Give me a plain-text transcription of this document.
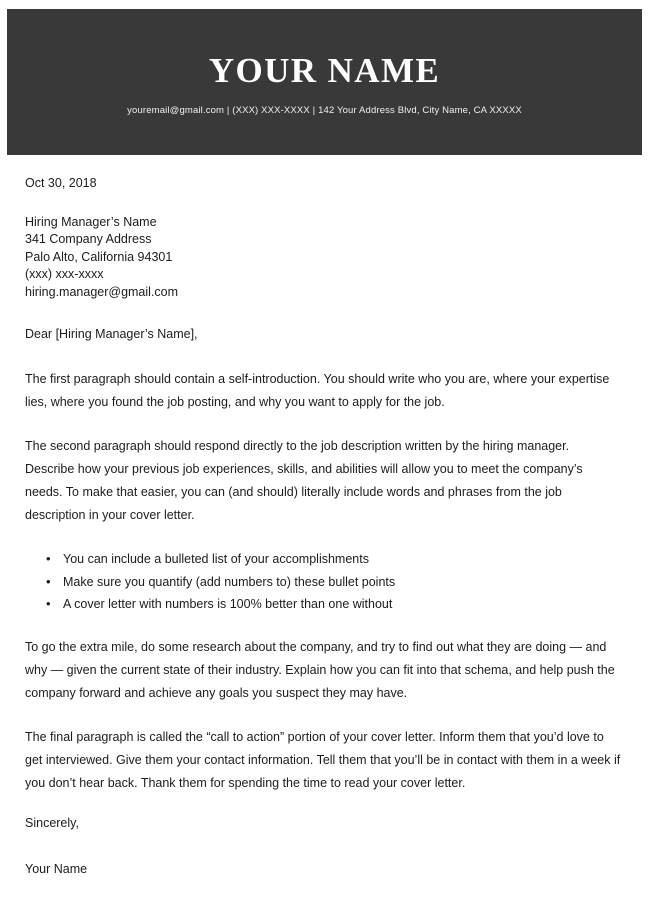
YOUR NAME
youremail@gmail.com | (XXX) XXX-XXXX | 142 Your Address Blvd, City Name, CA XXXXX
Oct 30, 2018
Hiring Manager’s Name
341 Company Address
Palo Alto, California 94301
(xxx) xxx-xxxx
hiring.manager@gmail.com
Dear [Hiring Manager’s Name],

The first paragraph should contain a self-introduction. You should write who you are, where your expertise lies, where you found the job posting, and why you want to apply for the job.

The second paragraph should respond directly to the job description written by the hiring manager. Describe how your previous job experiences, skills, and abilities will allow you to meet the company’s needs. To make that easier, you can (and should) literally include words and phrases from the job description in your cover letter.

• You can include a bulleted list of your accomplishments
• Make sure you quantify (add numbers to) these bullet points
• A cover letter with numbers is 100% better than one without

To go the extra mile, do some research about the company, and try to find out what they are doing — and why — given the current state of their industry. Explain how you can fit into that schema, and help push the company forward and achieve any goals you suspect they may have.

The final paragraph is called the “call to action” portion of your cover letter. Inform them that you’d love to get interviewed. Give them your contact information. Tell them that you’ll be in contact with them in a week if you don’t hear back. Thank them for spending the time to read your cover letter.

Sincerely,
Your Name
